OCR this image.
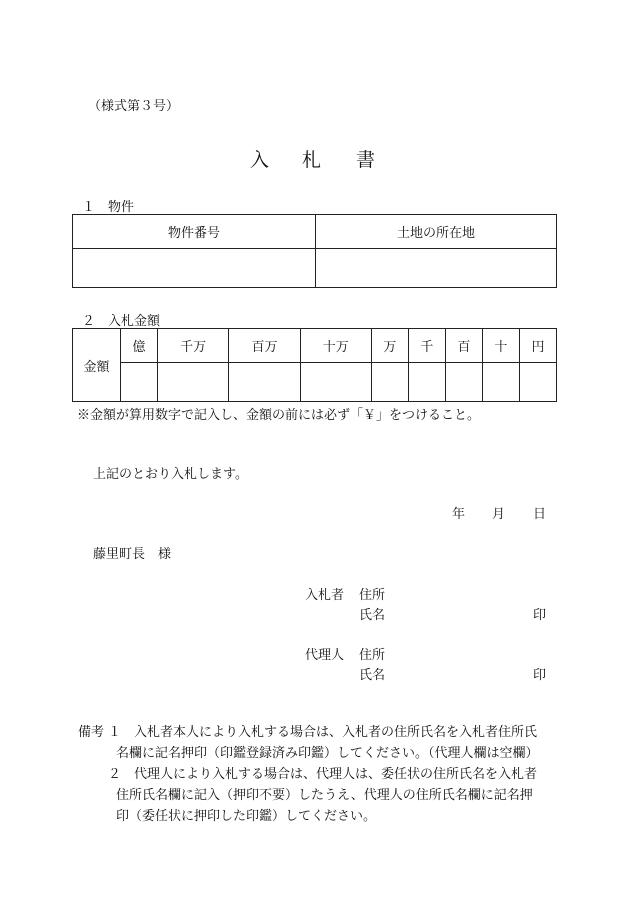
（様式第３号）
入 札 書
１　物件
物件番号	土地の所在地

２　入札金額
金額	億	千万	百万	十万	万	千	百	十	円

※金額が算用数字で記入し、金額の前には必ず「￥」をつけること。
上記のとおり入札します。
年 月 日
藤里町長　様
入札者 住所
氏名	印
代理人 住所
氏名	印
備考 １ 入札者本人により入札する場合は、入札者の住所氏名を入札者住所氏
名欄に記名押印（印鑑登録済み印鑑）してください。（代理人欄は空欄）
２ 代理人により入札する場合は、代理人は、委任状の住所氏名を入札者
住所氏名欄に記入（押印不要）したうえ、代理人の住所氏名欄に記名押
印（委任状に押印した印鑑）してください。
